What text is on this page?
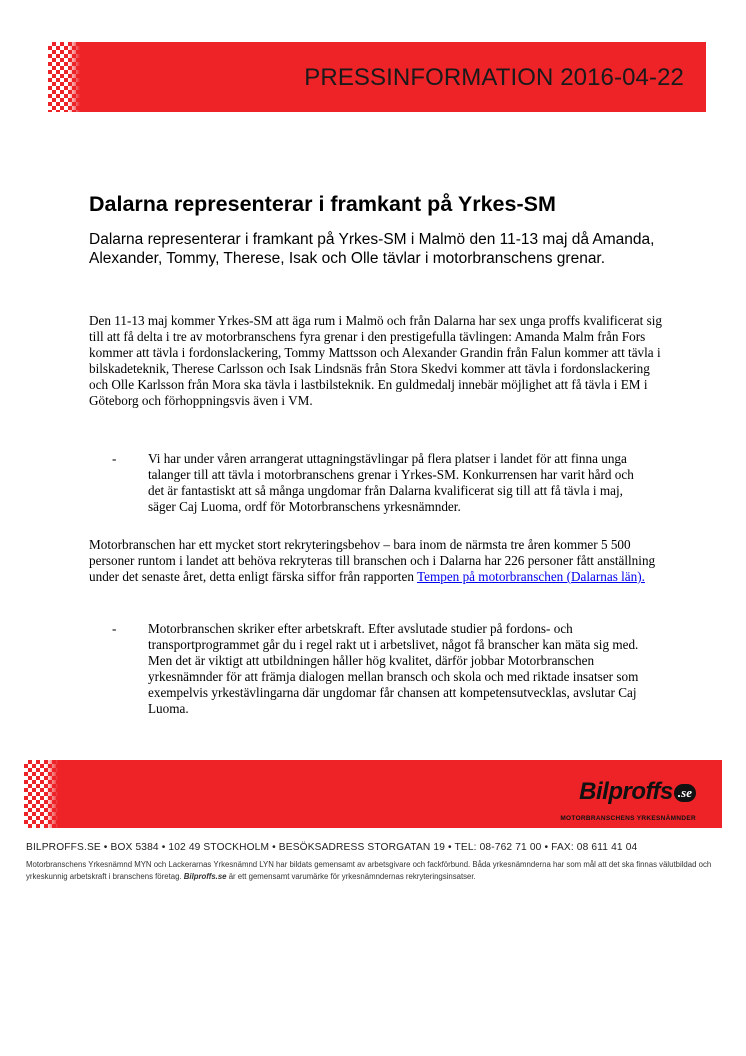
PRESSINFORMATION 2016-04-22
Dalarna representerar i framkant på Yrkes-SM

Dalarna representerar i framkant på Yrkes-SM i Malmö den 11-13 maj då Amanda, Alexander, Tommy, Therese, Isak och Olle tävlar i motorbranschens grenar.

Den 11-13 maj kommer Yrkes-SM att äga rum i Malmö och från Dalarna har sex unga proffs kvalificerat sig till att få delta i tre av motorbranschens fyra grenar i den prestigefulla tävlingen: Amanda Malm från Fors kommer att tävla i fordonslackering, Tommy Mattsson och Alexander Grandin från Falun kommer att tävla i bilskadeteknik, Therese Carlsson och Isak Lindsnäs från Stora Skedvi kommer att tävla i fordonslackering och Olle Karlsson från Mora ska tävla i lastbilsteknik. En guldmedalj innebär möjlighet att få tävla i EM i Göteborg och förhoppningsvis även i VM.

- Vi har under våren arrangerat uttagningstävlingar på flera platser i landet för att finna unga talanger till att tävla i motorbranschens grenar i Yrkes-SM. Konkurrensen har varit hård och det är fantastiskt att så många ungdomar från Dalarna kvalificerat sig till att få tävla i maj, säger Caj Luoma, ordf för Motorbranschens yrkesnämnder.

Motorbranschen har ett mycket stort rekryteringsbehov – bara inom de närmsta tre åren kommer 5 500 personer runtom i landet att behöva rekryteras till branschen och i Dalarna har 226 personer fått anställning under det senaste året, detta enligt färska siffor från rapporten Tempen på motorbranschen (Dalarnas län).

- Motorbranschen skriker efter arbetskraft. Efter avslutade studier på fordons- och transportprogrammet går du i regel rakt ut i arbetslivet, något få branscher kan mäta sig med. Men det är viktigt att utbildningen håller hög kvalitet, därför jobbar Motorbranschen yrkesnämnder för att främja dialogen mellan bransch och skola och med riktade insatser som exempelvis yrkestävlingarna där ungdomar får chansen att kompetensutvecklas, avslutar Caj Luoma.
Bilproffs .se
MOTORBRANSCHENS YRKESNÄMNDER
BILPROFFS.SE • BOX 5384 • 102 49 STOCKHOLM • BESÖKSADRESS STORGATAN 19 • TEL: 08-762 71 00 • FAX: 08 611 41 04
Motorbranschens Yrkesnämnd MYN och Lackerarnas Yrkesnämnd LYN har bildats gemensamt av arbetsgivare och fackförbund. Båda yrkesnämnderna har som mål att det ska finnas välutbildad och yrkeskunnig arbetskraft i branschens företag. Bilproffs.se är ett gemensamt varumärke för yrkesnämndernas rekryteringsinsatser.
